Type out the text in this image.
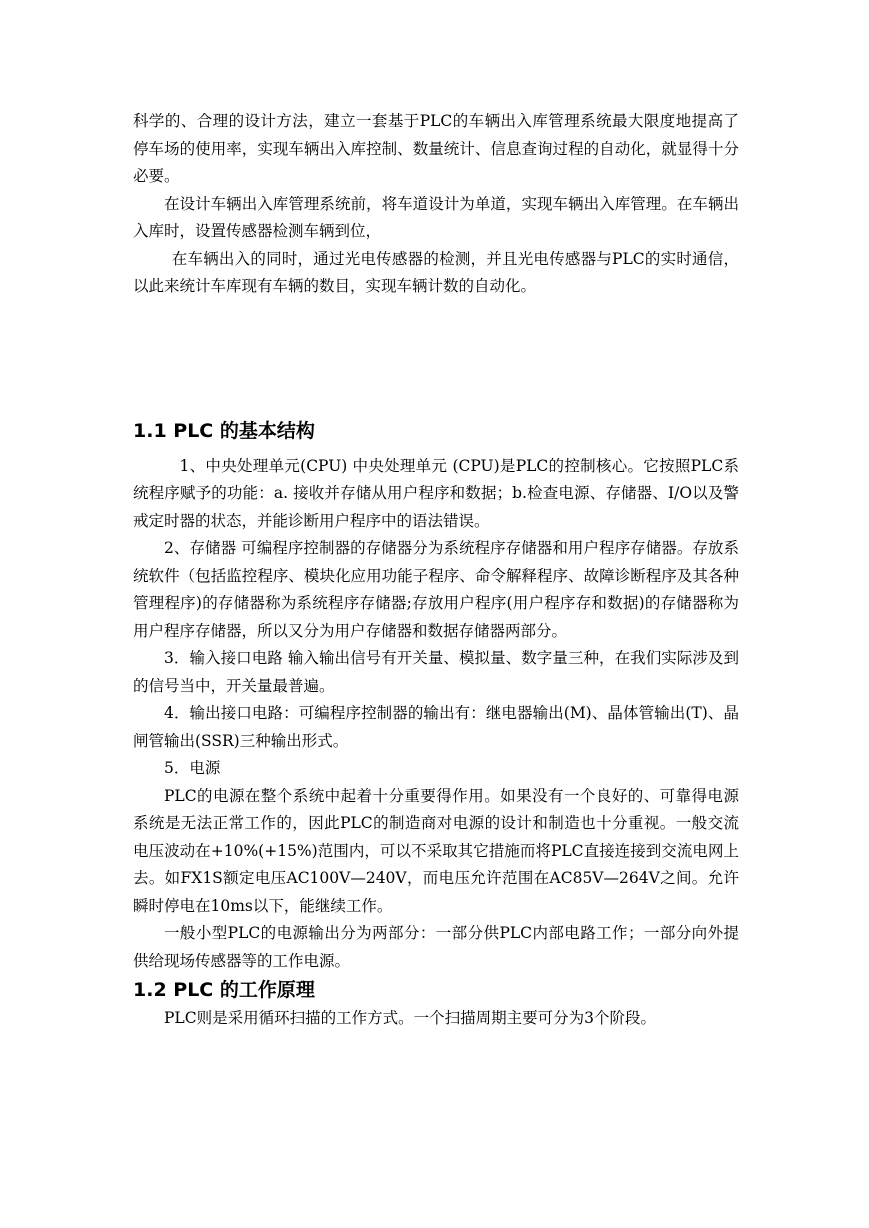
科学的、合理的设计方法，建立一套基于PLC的车辆出入库管理系统最大限度地提高了停车场的使用率，实现车辆出入库控制、数量统计、信息查询过程的自动化，就显得十分必要。

在设计车辆出入库管理系统前，将车道设计为单道，实现车辆出入库管理。在车辆出入库时，设置传感器检测车辆到位，

在车辆出入的同时，通过光电传感器的检测，并且光电传感器与PLC的实时通信，以此来统计车库现有车辆的数目，实现车辆计数的自动化。

1.1 PLC 的基本结构

1、中央处理单元(CPU) 中央处理单元 (CPU)是PLC的控制核心。它按照PLC系统程序赋予的功能：a. 接收并存储从用户程序和数据；b.检查电源、存储器、I/O以及警戒定时器的状态，并能诊断用户程序中的语法错误。

2、存储器 可编程序控制器的存储器分为系统程序存储器和用户程序存储器。存放系统软件（包括监控程序、模块化应用功能子程序、命令解释程序、故障诊断程序及其各种管理程序)的存储器称为系统程序存储器;存放用户程序(用户程序存和数据)的存储器称为用户程序存储器，所以又分为用户存储器和数据存储器两部分。

3．输入接口电路 输入输出信号有开关量、模拟量、数字量三种，在我们实际涉及到的信号当中，开关量最普遍。

4．输出接口电路：可编程序控制器的输出有：继电器输出(M)、晶体管输出(T)、晶闸管输出(SSR)三种输出形式。

5．电源

PLC的电源在整个系统中起着十分重要得作用。如果没有一个良好的、可靠得电源系统是无法正常工作的，因此PLC的制造商对电源的设计和制造也十分重视。一般交流电压波动在+10%(+15%)范围内，可以不采取其它措施而将PLC直接连接到交流电网上去。如FX1S额定电压AC100V—240V，而电压允许范围在AC85V—264V之间。允许瞬时停电在10ms以下，能继续工作。

一般小型PLC的电源输出分为两部分：一部分供PLC内部电路工作；一部分向外提供给现场传感器等的工作电源。

1.2 PLC 的工作原理

PLC则是采用循环扫描的工作方式。一个扫描周期主要可分为3个阶段。
